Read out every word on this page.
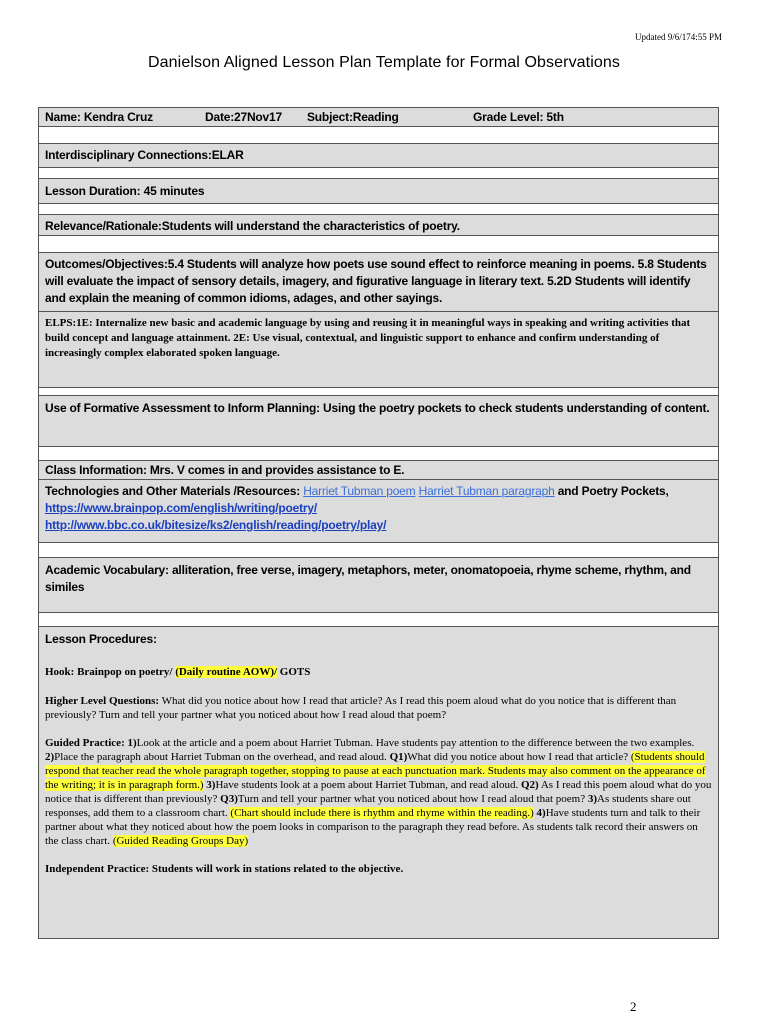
Updated 9/6/174:55 PM
Danielson Aligned Lesson Plan Template for Formal Observations
Name: Kendra Cruz	Date:27Nov17 Subject:Reading	Grade Level: 5th

Interdisciplinary Connections:ELAR

Lesson Duration: 45 minutes

Relevance/Rationale:Students will understand the characteristics of poetry.

Outcomes/Objectives:5.4 Students will analyze how poets use sound effect to reinforce meaning in poems. 5.8 Students will evaluate the impact of sensory details, imagery, and figurative language in literary text. 5.2D Students will identify and explain the meaning of common idioms, adages, and other sayings.

ELPS:1E: Internalize new basic and academic language by using and reusing it in meaningful ways in speaking and writing activities that build concept and language attainment. 2E: Use visual, contextual, and linguistic support to enhance and confirm understanding of increasingly complex elaborated spoken language.

Use of Formative Assessment to Inform Planning: Using the poetry pockets to check students understanding of content.

Class Information: Mrs. V comes in and provides assistance to E.

Technologies and Other Materials /Resources: Harriet Tubman poem Harriet Tubman paragraph and Poetry Pockets, https://www.brainpop.com/english/writing/poetry/
http://www.bbc.co.uk/bitesize/ks2/english/reading/poetry/play/

Academic Vocabulary: alliteration, free verse, imagery, metaphors, meter, onomatopoeia, rhyme scheme, rhythm, and similes

Lesson Procedures:

Hook: Brainpop on poetry/ (Daily routine AOW)/ GOTS

Higher Level Questions: What did you notice about how I read that article? As I read this poem aloud what do you notice that is different than previously? Turn and tell your partner what you noticed about how I read aloud that poem?

Guided Practice: 1)Look at the article and a poem about Harriet Tubman. Have students pay attention to the difference between the two examples. 2)Place the paragraph about Harriet Tubman on the overhead, and read aloud. Q1)What did you notice about how I read that article? (Students should respond that teacher read the whole paragraph together, stopping to pause at each punctuation mark. Students may also comment on the appearance of the writing; it is in paragraph form.) 3)Have students look at a poem about Harriet Tubman, and read aloud. Q2) As I read this poem aloud what do you notice that is different than previously? Q3)Turn and tell your partner what you noticed about how I read aloud that poem? 3)As students share out responses, add them to a classroom chart. (Chart should include there is rhythm and rhyme within the reading.) 4)Have students turn and talk to their partner about what they noticed about how the poem looks in comparison to the paragraph they read before. As students talk record their answers on the class chart. (Guided Reading Groups Day)

Independent Practice: Students will work in stations related to the objective.

2
